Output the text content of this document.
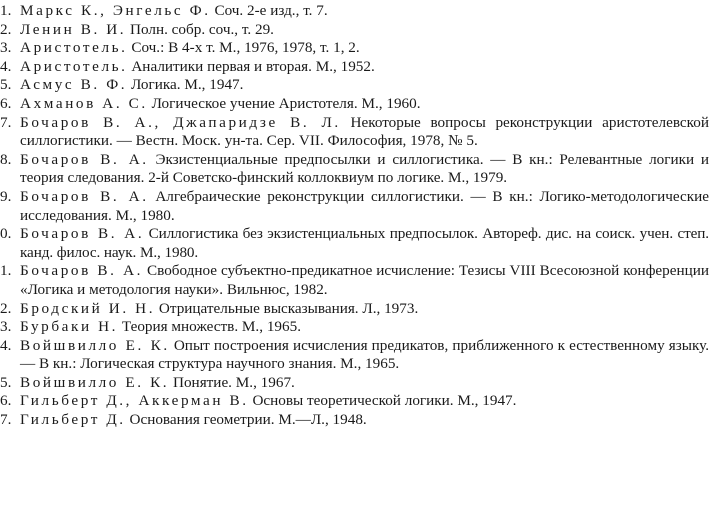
1. Маркс К., Энгельс Ф. Соч. 2-е изд., т. 7.

2. Ленин В. И. Полн. собр. соч., т. 29.

3. Аристотель. Соч.: В 4-х т. М., 1976, 1978, т. 1, 2.

4. Аристотель. Аналитики первая и вторая. М., 1952.

5. Асмус В. Ф. Логика. М., 1947.

6. Ахманов А. С. Логическое учение Аристотеля. М., 1960.

7. Бочаров В. А., Джапаридзе В. Л. Некоторые вопросы реконструкции аристотелевской силлогистики. — Вестн. Моск. ун-та. Сер. VII. Философия, 1978, № 5.

8. Бочаров В. А. Экзистенциальные предпосылки и силлогистика. — В кн.: Релевантные логики и теория следования. 2-й Советско-финский коллоквиум по логике. М., 1979.

9. Бочаров В. А. Алгебраические реконструкции силлогистики. — В кн.: Логико-методологические исследования. М., 1980.

0. Бочаров В. А. Силлогистика без экзистенциальных предпосылок. Автореф. дис. на соиск. учен. степ. канд. филос. наук. М., 1980.

1. Бочаров В. А. Свободное субъектно-предикатное исчисление: Тезисы VIII Всесоюзной конференции «Логика и методология науки». Вильнюс, 1982.

2. Бродский И. Н. Отрицательные высказывания. Л., 1973.

3. Бурбаки Н. Теория множеств. М., 1965.

4. Войшвилло Е. К. Опыт построения исчисления предикатов, приближенного к естественному языку. — В кн.: Логическая структура научного знания. М., 1965.

5. Войшвилло Е. К. Понятие. М., 1967.

6. Гильберт Д., Аккерман В. Основы теоретической логики. М., 1947.

7. Гильберт Д. Основания геометрии. М.—Л., 1948.
